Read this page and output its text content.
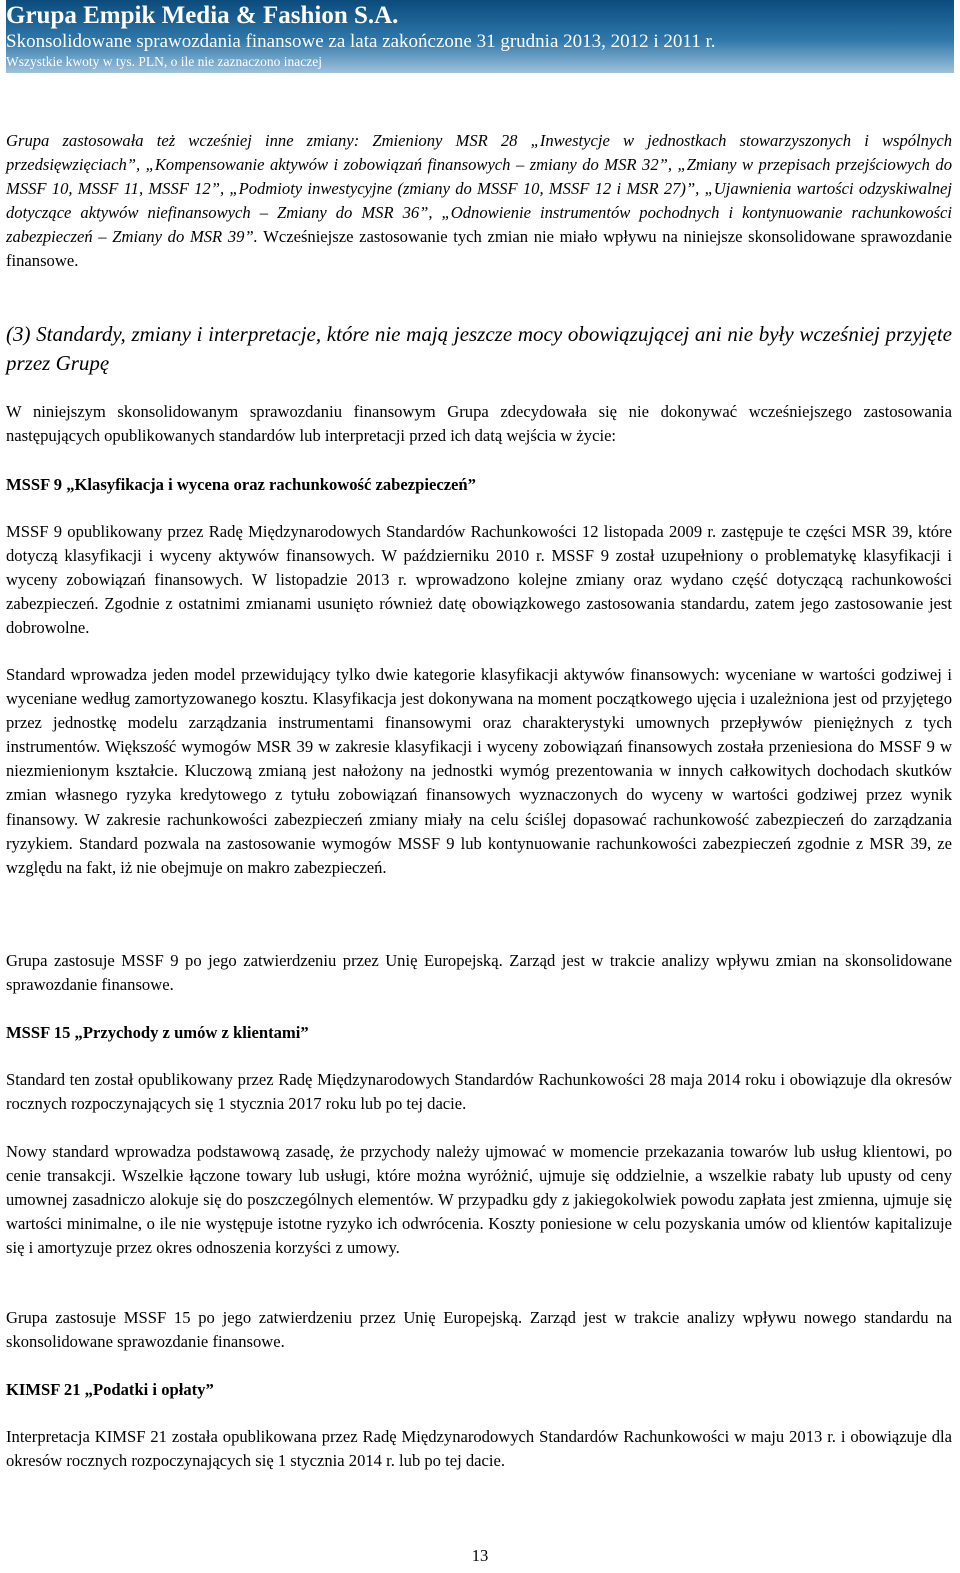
Grupa Empik Media & Fashion S.A.
Skonsolidowane sprawozdania finansowe za lata zakończone 31 grudnia 2013, 2012 i 2011 r.
Wszystkie kwoty w tys. PLN, o ile nie zaznaczono inaczej
Grupa zastosowała też wcześniej inne zmiany: Zmieniony MSR 28 „Inwestycje w jednostkach stowarzyszonych i wspólnych przedsięwzięciach”, „Kompensowanie aktywów i zobowiązań finansowych – zmiany do MSR 32”, „Zmiany w przepisach przejściowych do MSSF 10, MSSF 11, MSSF 12”, „Podmioty inwestycyjne (zmiany do MSSF 10, MSSF 12 i MSR 27)”, „Ujawnienia wartości odzyskiwalnej dotyczące aktywów niefinansowych – Zmiany do MSR 36”, „Odnowienie instrumentów pochodnych i kontynuowanie rachunkowości zabezpieczeń – Zmiany do MSR 39”. Wcześniejsze zastosowanie tych zmian nie miało wpływu na niniejsze skonsolidowane sprawozdanie finansowe.
(3) Standardy, zmiany i interpretacje, które nie mają jeszcze mocy obowiązującej ani nie były wcześniej przyjęte przez Grupę
W niniejszym skonsolidowanym sprawozdaniu finansowym Grupa zdecydowała się nie dokonywać wcześniejszego zastosowania następujących opublikowanych standardów lub interpretacji przed ich datą wejścia w życie:
MSSF 9 „Klasyfikacja i wycena oraz rachunkowość zabezpieczeń”
MSSF 9 opublikowany przez Radę Międzynarodowych Standardów Rachunkowości 12 listopada 2009 r. zastępuje te części MSR 39, które dotyczą klasyfikacji i wyceny aktywów finansowych. W październiku 2010 r. MSSF 9 został uzupełniony o problematykę klasyfikacji i wyceny zobowiązań finansowych. W listopadzie 2013 r. wprowadzono kolejne zmiany oraz wydano część dotyczącą rachunkowości zabezpieczeń. Zgodnie z ostatnimi zmianami usunięto również datę obowiązkowego zastosowania standardu, zatem jego zastosowanie jest dobrowolne.
Standard wprowadza jeden model przewidujący tylko dwie kategorie klasyfikacji aktywów finansowych: wyceniane w wartości godziwej i wyceniane według zamortyzowanego kosztu. Klasyfikacja jest dokonywana na moment początkowego ujęcia i uzależniona jest od przyjętego przez jednostkę modelu zarządzania instrumentami finansowymi oraz charakterystyki umownych przepływów pieniężnych z tych instrumentów. Większość wymogów MSR 39 w zakresie klasyfikacji i wyceny zobowiązań finansowych została przeniesiona do MSSF 9 w niezmienionym kształcie. Kluczową zmianą jest nałożony na jednostki wymóg prezentowania w innych całkowitych dochodach skutków zmian własnego ryzyka kredytowego z tytułu zobowiązań finansowych wyznaczonych do wyceny w wartości godziwej przez wynik finansowy. W zakresie rachunkowości zabezpieczeń zmiany miały na celu ściślej dopasować rachunkowość zabezpieczeń do zarządzania ryzykiem. Standard pozwala na zastosowanie wymogów MSSF 9 lub kontynuowanie rachunkowości zabezpieczeń zgodnie z MSR 39, ze względu na fakt, iż nie obejmuje on makro zabezpieczeń.
Grupa zastosuje MSSF 9 po jego zatwierdzeniu przez Unię Europejską. Zarząd jest w trakcie analizy wpływu zmian na skonsolidowane sprawozdanie finansowe.
MSSF 15 „Przychody z umów z klientami”
Standard ten został opublikowany przez Radę Międzynarodowych Standardów Rachunkowości 28 maja 2014 roku i obowiązuje dla okresów rocznych rozpoczynających się 1 stycznia 2017 roku lub po tej dacie.
Nowy standard wprowadza podstawową zasadę, że przychody należy ujmować w momencie przekazania towarów lub usług klientowi, po cenie transakcji. Wszelkie łączone towary lub usługi, które można wyróżnić, ujmuje się oddzielnie, a wszelkie rabaty lub upusty od ceny umownej zasadniczo alokuje się do poszczególnych elementów. W przypadku gdy z jakiegokolwiek powodu zapłata jest zmienna, ujmuje się wartości minimalne, o ile nie występuje istotne ryzyko ich odwrócenia. Koszty poniesione w celu pozyskania umów od klientów kapitalizuje się i amortyzuje przez okres odnoszenia korzyści z umowy.
Grupa zastosuje MSSF 15 po jego zatwierdzeniu przez Unię Europejską. Zarząd jest w trakcie analizy wpływu nowego standardu na skonsolidowane sprawozdanie finansowe.
KIMSF 21 „Podatki i opłaty”
Interpretacja KIMSF 21 została opublikowana przez Radę Międzynarodowych Standardów Rachunkowości w maju 2013 r. i obowiązuje dla okresów rocznych rozpoczynających się 1 stycznia 2014 r. lub po tej dacie.
13
